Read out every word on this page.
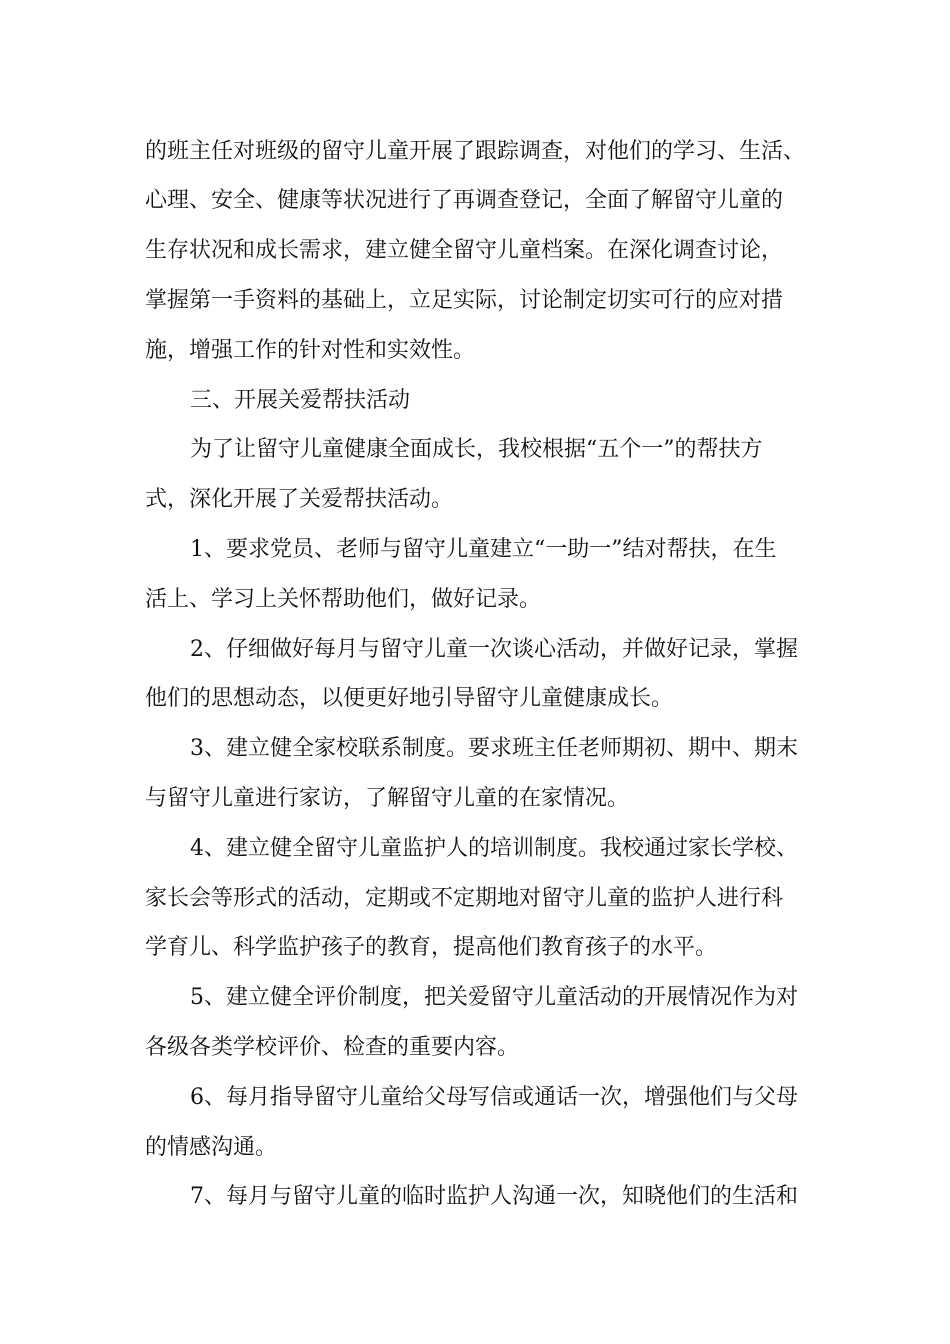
的班主任对班级的留守儿童开展了跟踪调查，对他们的学习、生活、

心理、安全、健康等状况进行了再调查登记，全面了解留守儿童的

生存状况和成长需求，建立健全留守儿童档案。在深化调查讨论，

掌握第一手资料的基础上，立足实际，讨论制定切实可行的应对措

施，增强工作的针对性和实效性。

三、开展关爱帮扶活动

为了让留守儿童健康全面成长，我校根据“五个一”的帮扶方

式，深化开展了关爱帮扶活动。

1、要求党员、老师与留守儿童建立“一助一”结对帮扶，在生

活上、学习上关怀帮助他们，做好记录。

2、仔细做好每月与留守儿童一次谈心活动，并做好记录，掌握

他们的思想动态，以便更好地引导留守儿童健康成长。

3、建立健全家校联系制度。要求班主任老师期初、期中、期末

与留守儿童进行家访，了解留守儿童的在家情况。

4、建立健全留守儿童监护人的培训制度。我校通过家长学校、

家长会等形式的活动，定期或不定期地对留守儿童的监护人进行科

学育儿、科学监护孩子的教育，提高他们教育孩子的水平。

5、建立健全评价制度，把关爱留守儿童活动的开展情况作为对

各级各类学校评价、检查的重要内容。

6、每月指导留守儿童给父母写信或通话一次，增强他们与父母

的情感沟通。

7、每月与留守儿童的临时监护人沟通一次，知晓他们的生活和
